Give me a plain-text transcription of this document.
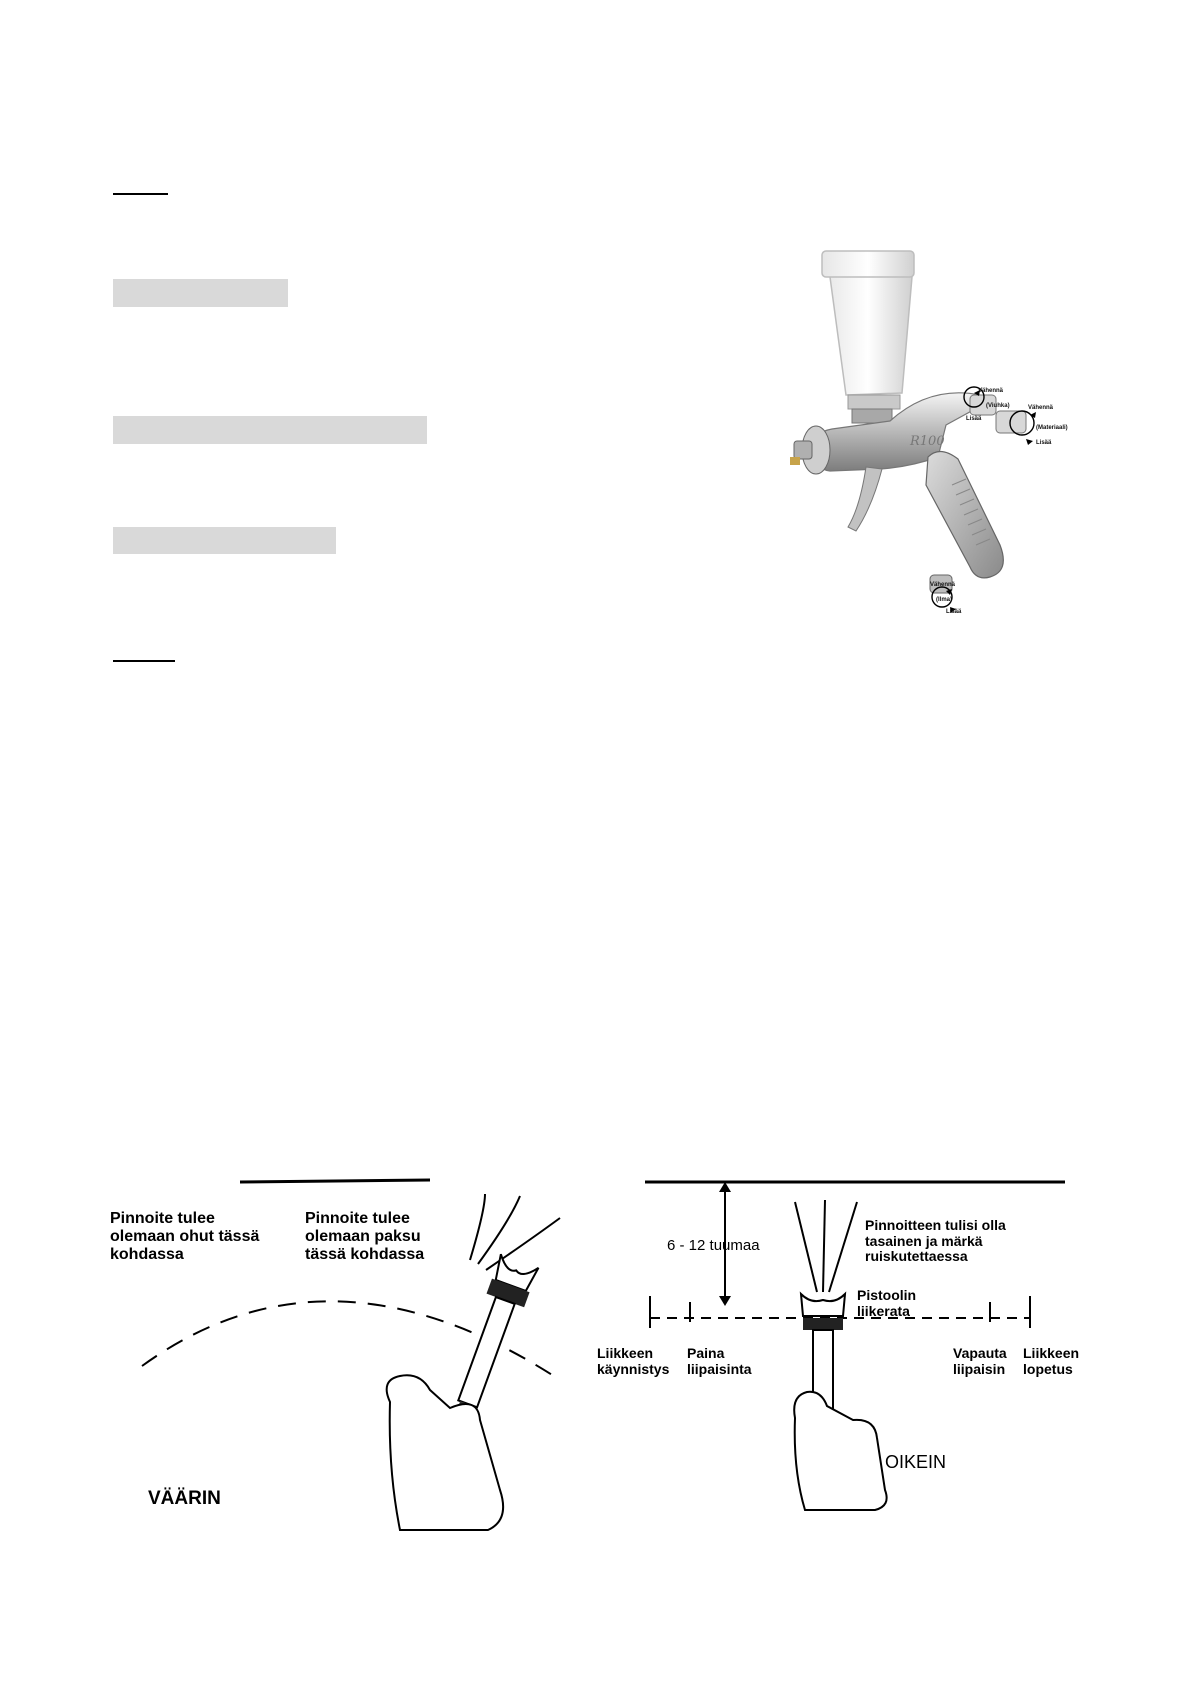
R100
Vähennä
(Viuhka)
Lisää
Vähennä
(Materiaali)
Lisää
Vähennä
(Ilma)
Lisää
Pinnoite tulee olemaan ohut tässä kohdassa
Pinnoite tulee olemaan paksu tässä kohdassa
VÄÄRIN
6 - 12 tuumaa
Pinnoitteen tulisi olla tasainen ja märkä ruiskutettaessa
Pistoolin liikerata
Liikkeen käynnistys
Paina liipaisinta
Vapauta liipaisin
Liikkeen lopetus
OIKEIN
